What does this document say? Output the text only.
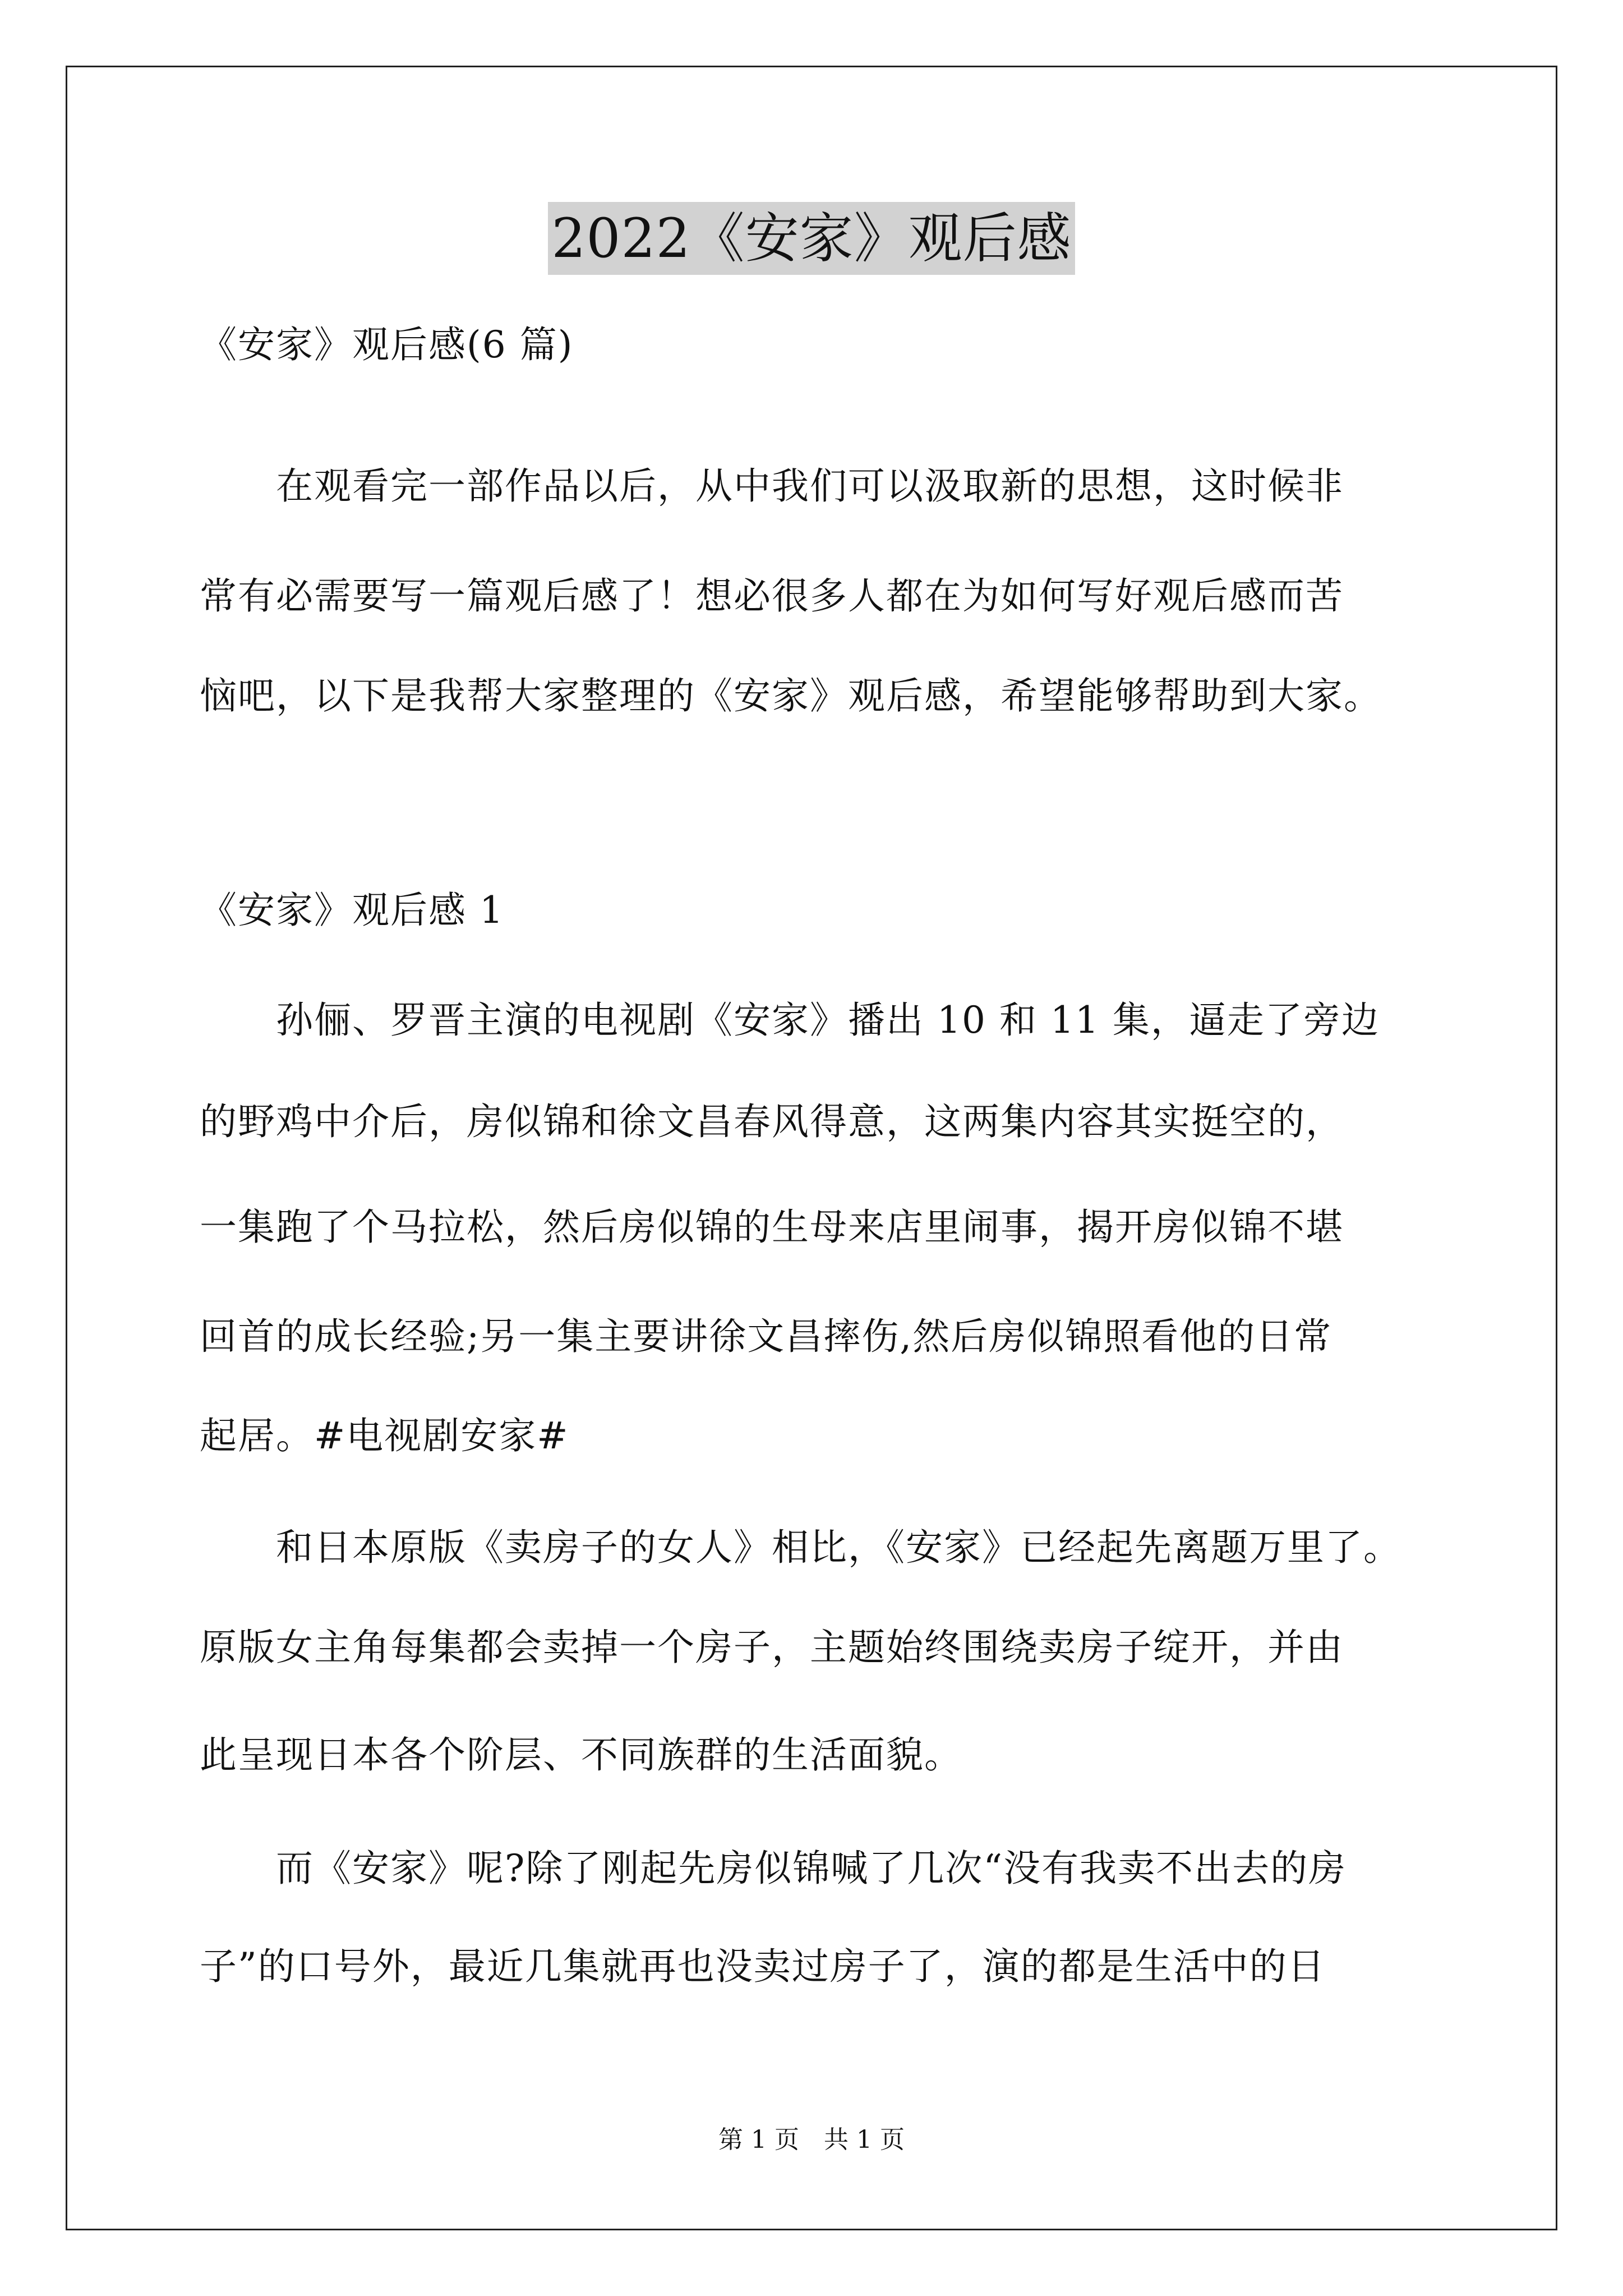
2022《安家》观后感
《安家》观后感(6 篇)
　　在观看完一部作品以后，从中我们可以汲取新的思想，这时候非
常有必需要写一篇观后感了！想必很多人都在为如何写好观后感而苦
恼吧，以下是我帮大家整理的《安家》观后感，希望能够帮助到大家。
《安家》观后感 1
　　孙俪、罗晋主演的电视剧《安家》播出 10 和 11 集，逼走了旁边
的野鸡中介后，房似锦和徐文昌春风得意，这两集内容其实挺空的，
一集跑了个马拉松，然后房似锦的生母来店里闹事，揭开房似锦不堪
回首的成长经验;另一集主要讲徐文昌摔伤,然后房似锦照看他的日常
起居。#电视剧安家#
　　和日本原版《卖房子的女人》相比，《安家》已经起先离题万里了。
原版女主角每集都会卖掉一个房子，主题始终围绕卖房子绽开，并由
此呈现日本各个阶层、不同族群的生活面貌。
　　而《安家》呢?除了刚起先房似锦喊了几次“没有我卖不出去的房
子”的口号外，最近几集就再也没卖过房子了，演的都是生活中的日
第 1 页　共 1 页
